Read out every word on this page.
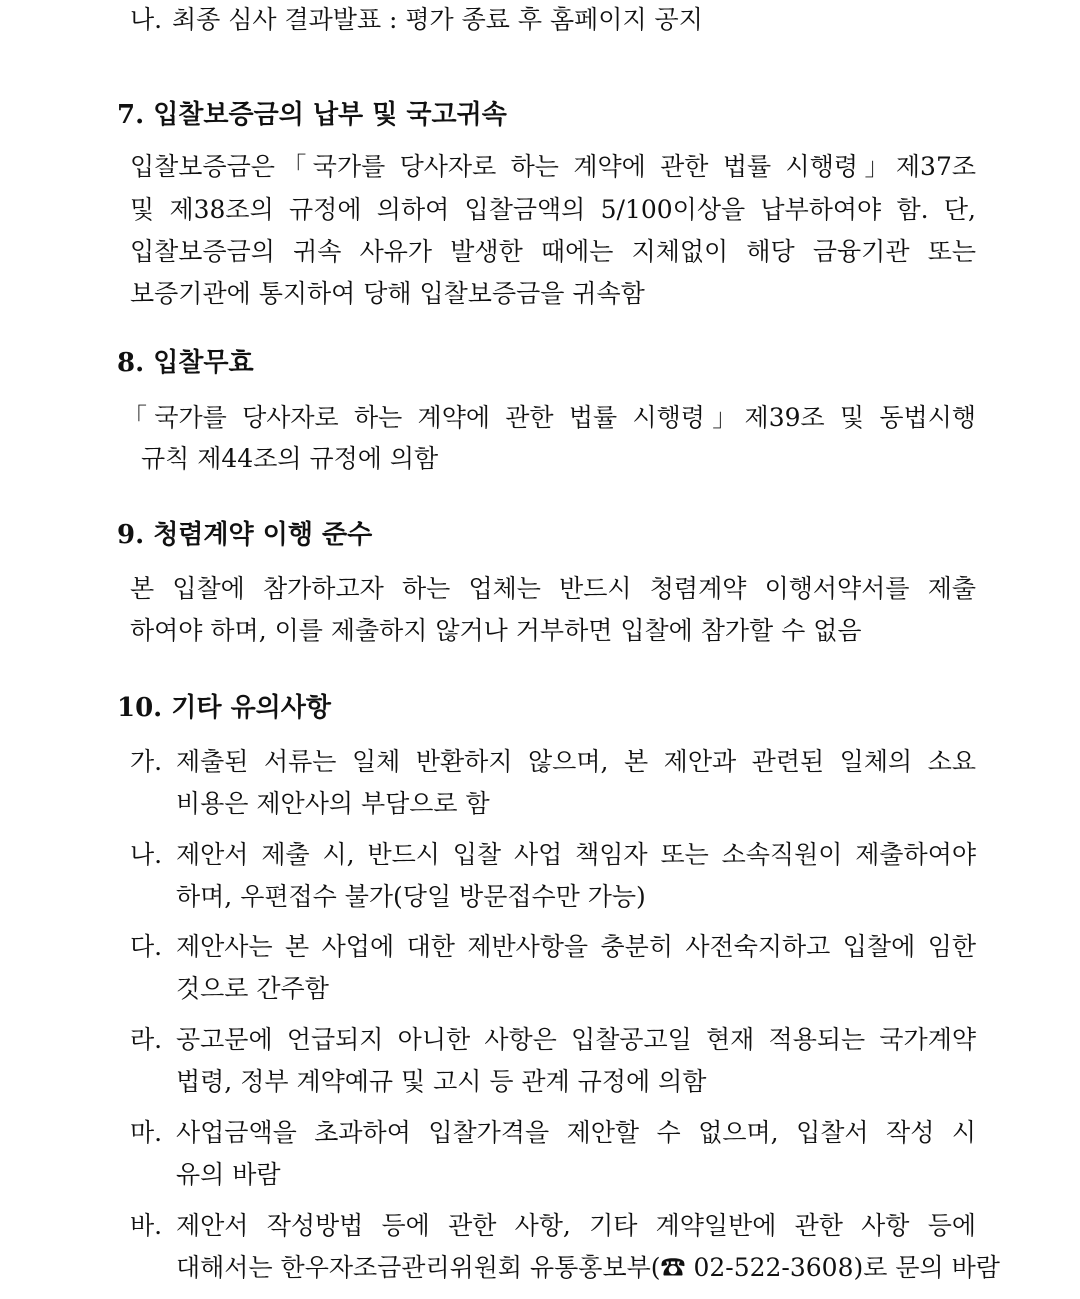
나. 최종 심사 결과발표 : 평가 종료 후 홈페이지 공지
7. 입찰보증금의 납부 및 국고귀속
입찰보증금은「국가를 당사자로 하는 계약에 관한 법률 시행령」제37조
및 제38조의 규정에 의하여 입찰금액의 5/100이상을 납부하여야 함. 단,
입찰보증금의 귀속 사유가 발생한 때에는 지체없이 해당 금융기관 또는
보증기관에 통지하여 당해 입찰보증금을 귀속함
8. 입찰무효
「국가를 당사자로 하는 계약에 관한 법률 시행령」제39조 및 동법시행
규칙 제44조의 규정에 의함
9. 청렴계약 이행 준수
본 입찰에 참가하고자 하는 업체는 반드시 청렴계약 이행서약서를 제출
하여야 하며, 이를 제출하지 않거나 거부하면 입찰에 참가할 수 없음
10. 기타 유의사항
가. 제출된 서류는 일체 반환하지 않으며, 본 제안과 관련된 일체의 소요
비용은 제안사의 부담으로 함
나. 제안서 제출 시, 반드시 입찰 사업 책임자 또는 소속직원이 제출하여야
하며, 우편접수 불가(당일 방문접수만 가능)
다. 제안사는 본 사업에 대한 제반사항을 충분히 사전숙지하고 입찰에 임한
것으로 간주함
라. 공고문에 언급되지 아니한 사항은 입찰공고일 현재 적용되는 국가계약
법령, 정부 계약예규 및 고시 등 관계 규정에 의함
마. 사업금액을 초과하여 입찰가격을 제안할 수 없으며, 입찰서 작성 시
유의 바람
바. 제안서 작성방법 등에 관한 사항, 기타 계약일반에 관한 사항 등에
대해서는 한우자조금관리위원회 유통홍보부(☎ 02-522-3608)로 문의 바람
